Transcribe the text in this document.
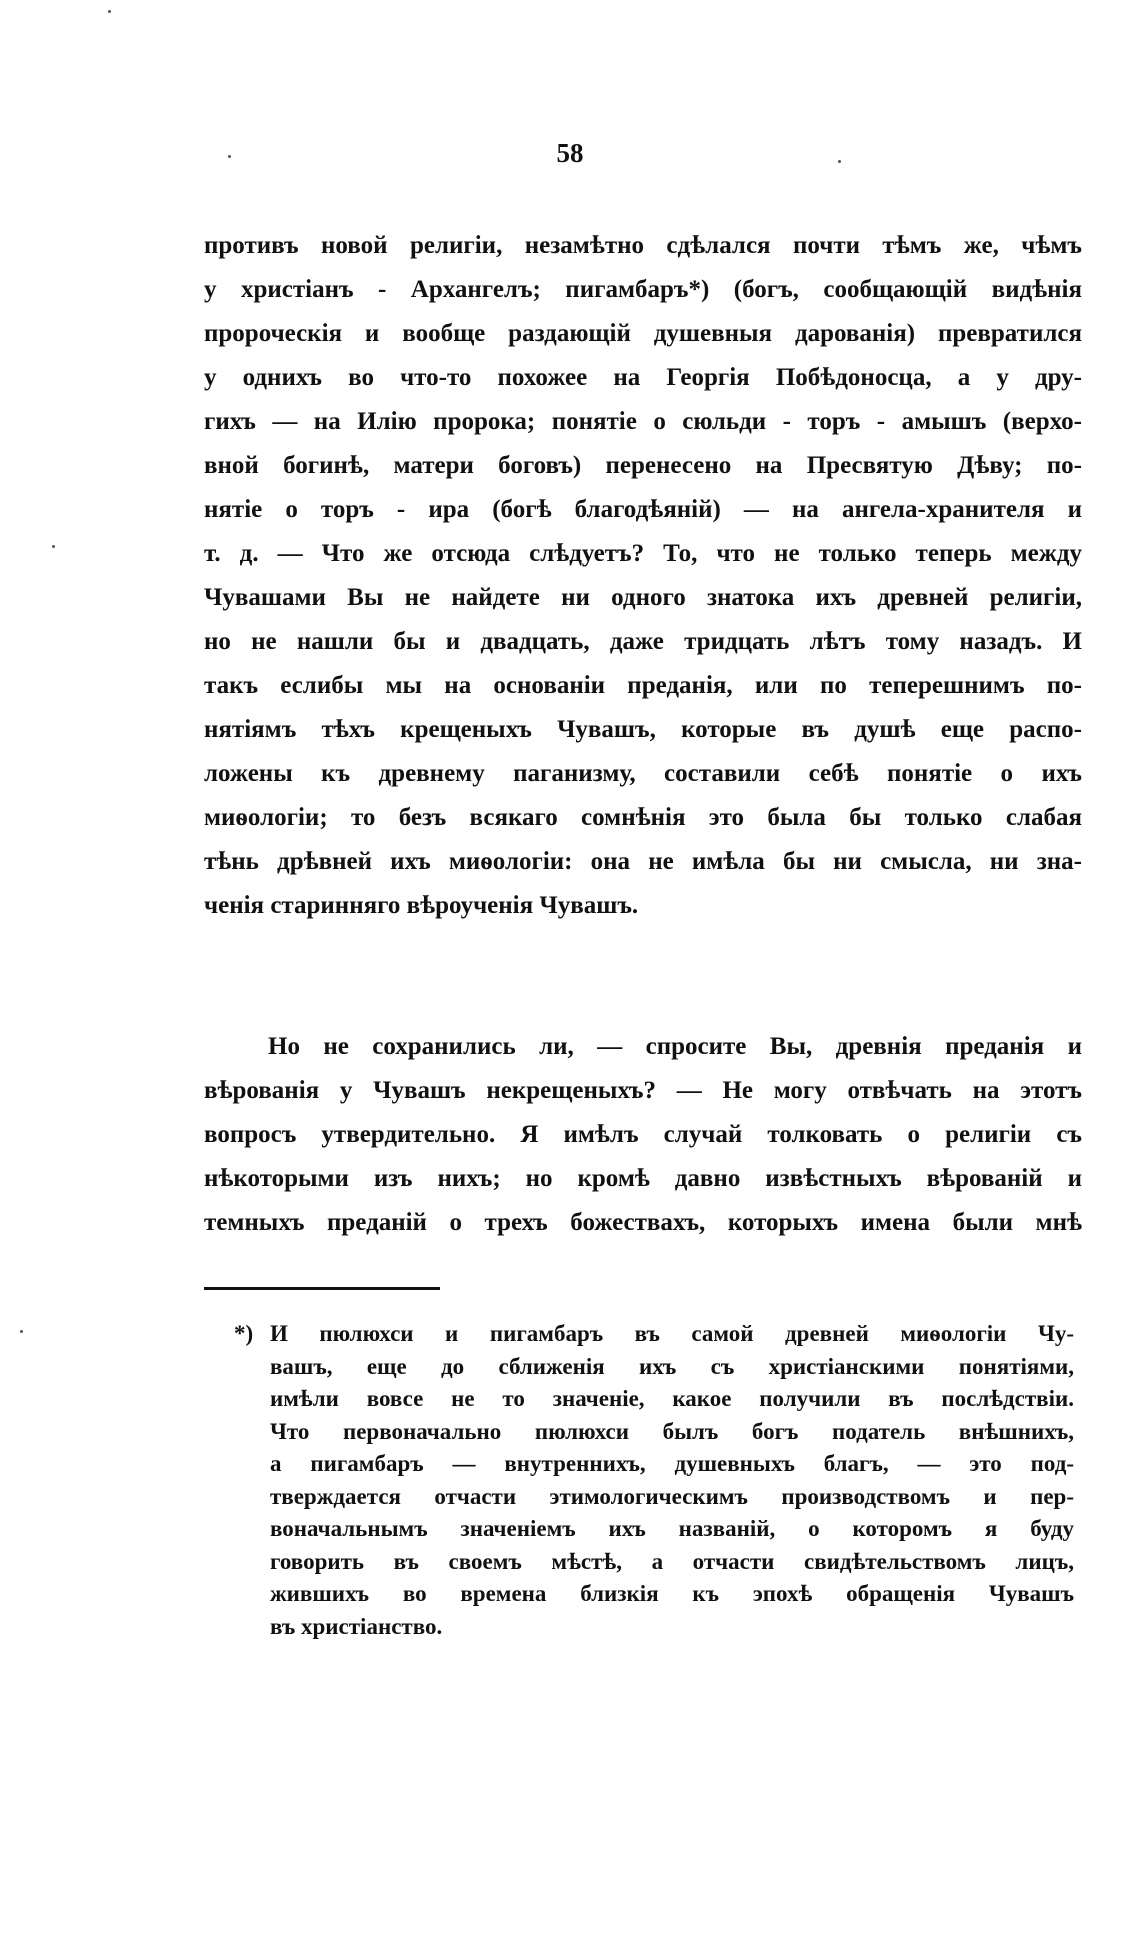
58
противъ новой религіи, незамѣтно сдѣлался почти тѣмъ же, чѣмъ
у христіанъ - Архангелъ; пигамбаръ*) (богъ, сообщающій видѣнія
пророческія и вообще раздающій душевныя дарованія) превратился
у однихъ во что-то похожее на Георгія Побѣдоносца, а у дру-
гихъ — на Илію пророка; понятіе о сюльди - торъ - амышъ (верхо-
вной богинѣ, матери боговъ) перенесено на Пресвятую Дѣву; по-
нятіе о торъ - ира (богѣ благодѣяній) — на ангела-хранителя и
т. д. — Что же отсюда слѣдуетъ? То, что не только теперь между
Чувашами Вы не найдете ни одного знатока ихъ древней религіи,
но не нашли бы и двадцать, даже тридцать лѣтъ тому назадъ. И
такъ еслибы мы на основаніи преданія, или по теперешнимъ по-
нятіямъ тѣхъ крещеныхъ Чувашъ, которые въ душѣ еще распо-
ложены къ древнему паганизму, составили себѣ понятіе о ихъ
миѳологіи; то безъ всякаго сомнѣнія это была бы только слабая
тѣнь дрѣвней ихъ миѳологіи: она не имѣла бы ни смысла, ни зна-
ченія старинняго вѣроученія Чувашъ.
Но не сохранились ли, — спросите Вы, древнія преданія и
вѣрованія у Чувашъ некрещеныхъ? — Не могу отвѣчать на этотъ
вопросъ утвердительно. Я имѣлъ случай толковать о религіи съ
нѣкоторыми изъ нихъ; но кромѣ давно извѣстныхъ вѣрованій и
темныхъ преданій о трехъ божествахъ, которыхъ имена были мнѣ
*) И пюлюхси и пигамбаръ въ самой древней миѳологіи Чу-
вашъ, еще до сближенія ихъ съ христіанскими понятіями,
имѣли вовсе не то значеніе, какое получили въ послѣдствіи.
Что первоначально пюлюхси былъ богъ податель внѣшнихъ,
а пигамбаръ — внутреннихъ, душевныхъ благъ, — это под-
тверждается отчасти этимологическимъ производствомъ и пер-
воначальнымъ значеніемъ ихъ названій, о которомъ я буду
говорить въ своемъ мѣстѣ, а отчасти свидѣтельствомъ лицъ,
жившихъ во времена близкія къ эпохѣ обращенія Чувашъ
въ христіанство.
